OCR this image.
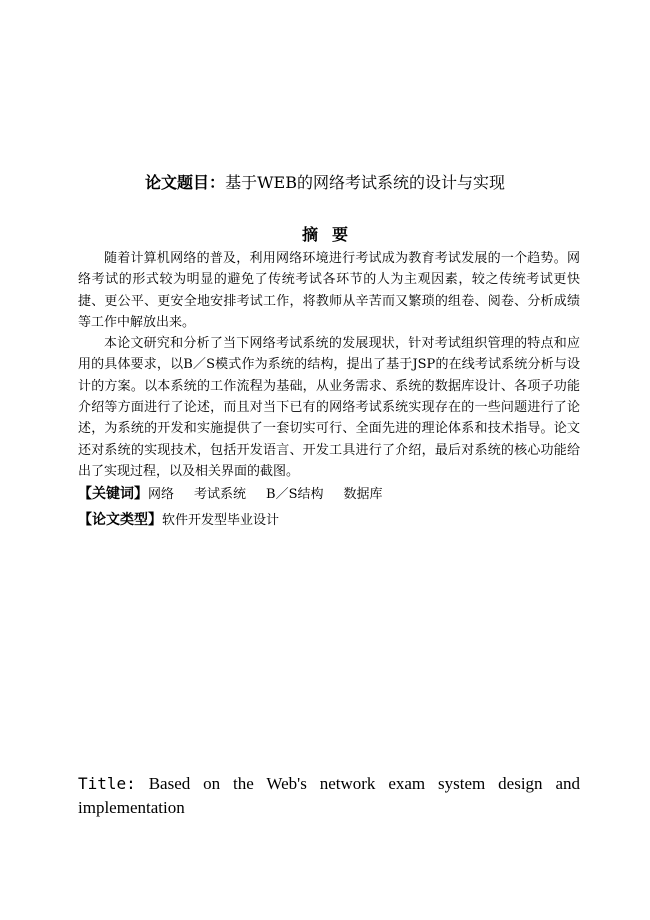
论文题目：基于WEB的网络考试系统的设计与实现
摘要

随着计算机网络的普及，利用网络环境进行考试成为教育考试发展的一个趋势。网络考试的形式较为明显的避免了传统考试各环节的人为主观因素，较之传统考试更快捷、更公平、更安全地安排考试工作，将教师从辛苦而又繁琐的组卷、阅卷、分析成绩等工作中解放出来。

本论文研究和分析了当下网络考试系统的发展现状，针对考试组织管理的特点和应用的具体要求，以B／S模式作为系统的结构，提出了基于JSP的在线考试系统分析与设计的方案。以本系统的工作流程为基础，从业务需求、系统的数据库设计、各项子功能介绍等方面进行了论述，而且对当下已有的网络考试系统实现存在的一些问题进行了论述，为系统的开发和实施提供了一套切实可行、全面先进的理论体系和技术指导。论文还对系统的实现技术，包括开发语言、开发工具进行了介绍，最后对系统的核心功能给出了实现过程，以及相关界面的截图。

【关键词】网络 考试系统 B／S结构 数据库
【论文类型】软件开发型毕业设计
Title: Based on the Web's network exam system design and implementation
